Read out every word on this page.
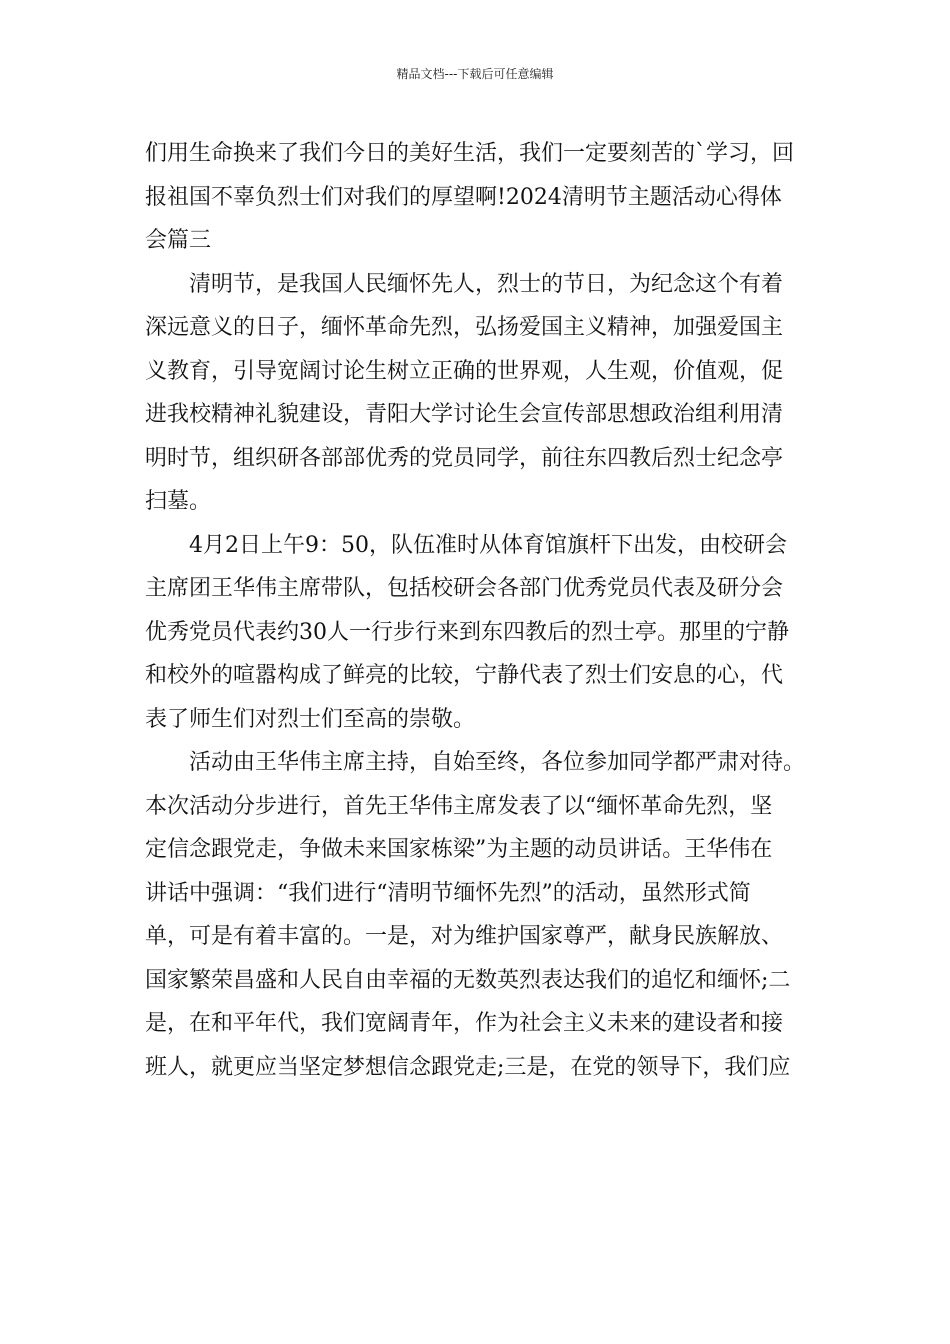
精品文档---下载后可任意编辑

们用生命换来了我们今日的美好生活，我们一定要刻苦的`学习，回
报祖国不辜负烈士们对我们的厚望啊!2024清明节主题活动心得体
会篇三

清明节，是我国人民缅怀先人，烈士的节日，为纪念这个有着
深远意义的日子，缅怀革命先烈，弘扬爱国主义精神，加强爱国主
义教育，引导宽阔讨论生树立正确的世界观，人生观，价值观，促
进我校精神礼貌建设，青阳大学讨论生会宣传部思想政治组利用清
明时节，组织研各部部优秀的党员同学，前往东四教后烈士纪念亭
扫墓。

4月2日上午9：50，队伍准时从体育馆旗杆下出发，由校研会
主席团王华伟主席带队，包括校研会各部门优秀党员代表及研分会
优秀党员代表约30人一行步行来到东四教后的烈士亭。那里的宁静
和校外的喧嚣构成了鲜亮的比较，宁静代表了烈士们安息的心，代
表了师生们对烈士们至高的崇敬。

活动由王华伟主席主持，自始至终，各位参加同学都严肃对待。
本次活动分步进行，首先王华伟主席发表了以“缅怀革命先烈，坚
定信念跟党走，争做未来国家栋梁”为主题的动员讲话。王华伟在
讲话中强调：“我们进行“清明节缅怀先烈”的活动，虽然形式简
单，可是有着丰富的。一是，对为维护国家尊严，献身民族解放、
国家繁荣昌盛和人民自由幸福的无数英烈表达我们的追忆和缅怀;二
是，在和平年代，我们宽阔青年，作为社会主义未来的建设者和接
班人，就更应当坚定梦想信念跟党走;三是，在党的领导下，我们应
